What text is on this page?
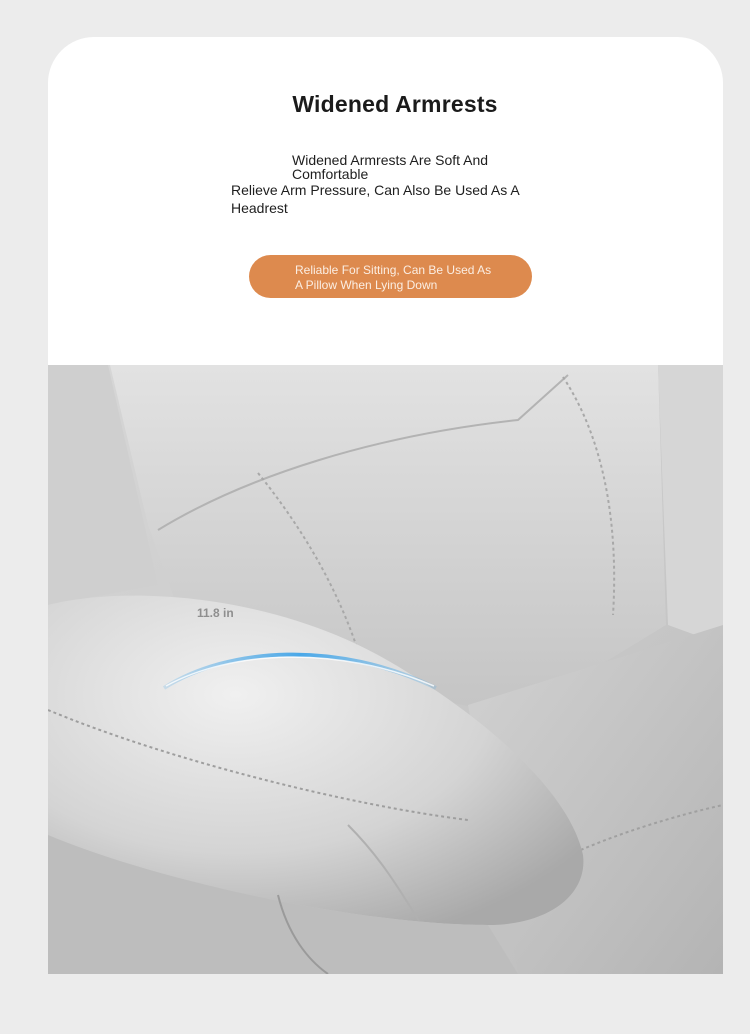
Widened Armrests
Widened Armrests Are Soft And Comfortable
Relieve Arm Pressure, Can Also Be Used As A Headrest
Reliable For Sitting, Can Be Used As A Pillow When Lying Down
11.8 in
